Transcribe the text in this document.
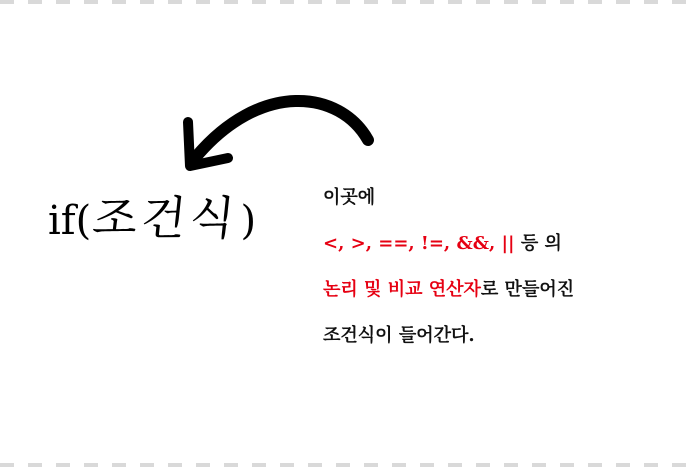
if(조건식)
이곳에
<, >, ==, !=, &&, || 등 의
논리 및 비교 연산자로 만들어진
조건식이 들어간다.
